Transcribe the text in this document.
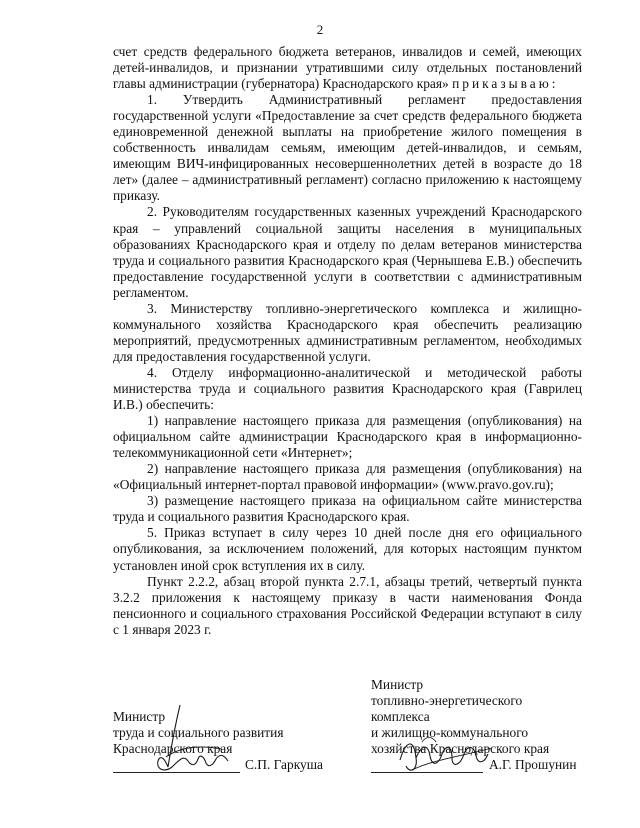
2

счет средств федерального бюджета ветеранов, инвалидов и семей, имеющих детей-инвалидов, и признании утратившими силу отдельных постановлений главы администрации (губернатора) Краснодарского края» приказываю:

1. Утвердить Административный регламент предоставления государственной услуги «Предоставление за счет средств федерального бюджета единовременной денежной выплаты на приобретение жилого помещения в собственность инвалидам семьям, имеющим детей-инвалидов, и семьям, имеющим ВИЧ-инфицированных несовершеннолетних детей в возрасте до 18 лет» (далее – административный регламент) согласно приложению к настоящему приказу.

2. Руководителям государственных казенных учреждений Краснодарского края – управлений социальной защиты населения в муниципальных образованиях Краснодарского края и отделу по делам ветеранов министерства труда и социального развития Краснодарского края (Чернышева Е.В.) обеспечить предоставление государственной услуги в соответствии с административным регламентом.

3. Министерству топливно-энергетического комплекса и жилищно-коммунального хозяйства Краснодарского края обеспечить реализацию мероприятий, предусмотренных административным регламентом, необходимых для предоставления государственной услуги.

4. Отделу информационно-аналитической и методической работы министерства труда и социального развития Краснодарского края (Гаврилец И.В.) обеспечить:

1) направление настоящего приказа для размещения (опубликования) на официальном сайте администрации Краснодарского края в информационно-телекоммуникационной сети «Интернет»;

2) направление настоящего приказа для размещения (опубликования) на «Официальный интернет-портал правовой информации» (www.pravo.gov.ru);

3) размещение настоящего приказа на официальном сайте министерства труда и социального развития Краснодарского края.

5. Приказ вступает в силу через 10 дней после дня его официального опубликования, за исключением положений, для которых настоящим пунктом установлен иной срок вступления их в силу.

Пункт 2.2.2, абзац второй пункта 2.7.1, абзацы третий, четвертый пункта 3.2.2 приложения к настоящему приказу в части наименования Фонда пенсионного и социального страхования Российской Федерации вступают в силу с 1 января 2023 г.

Министр
труда и социального развития
Краснодарского края
С.П. Гаркуша
Министр
топливно-энергетического
комплекса
и жилищно-коммунального
хозяйства Краснодарского края
А.Г. Прошунин
